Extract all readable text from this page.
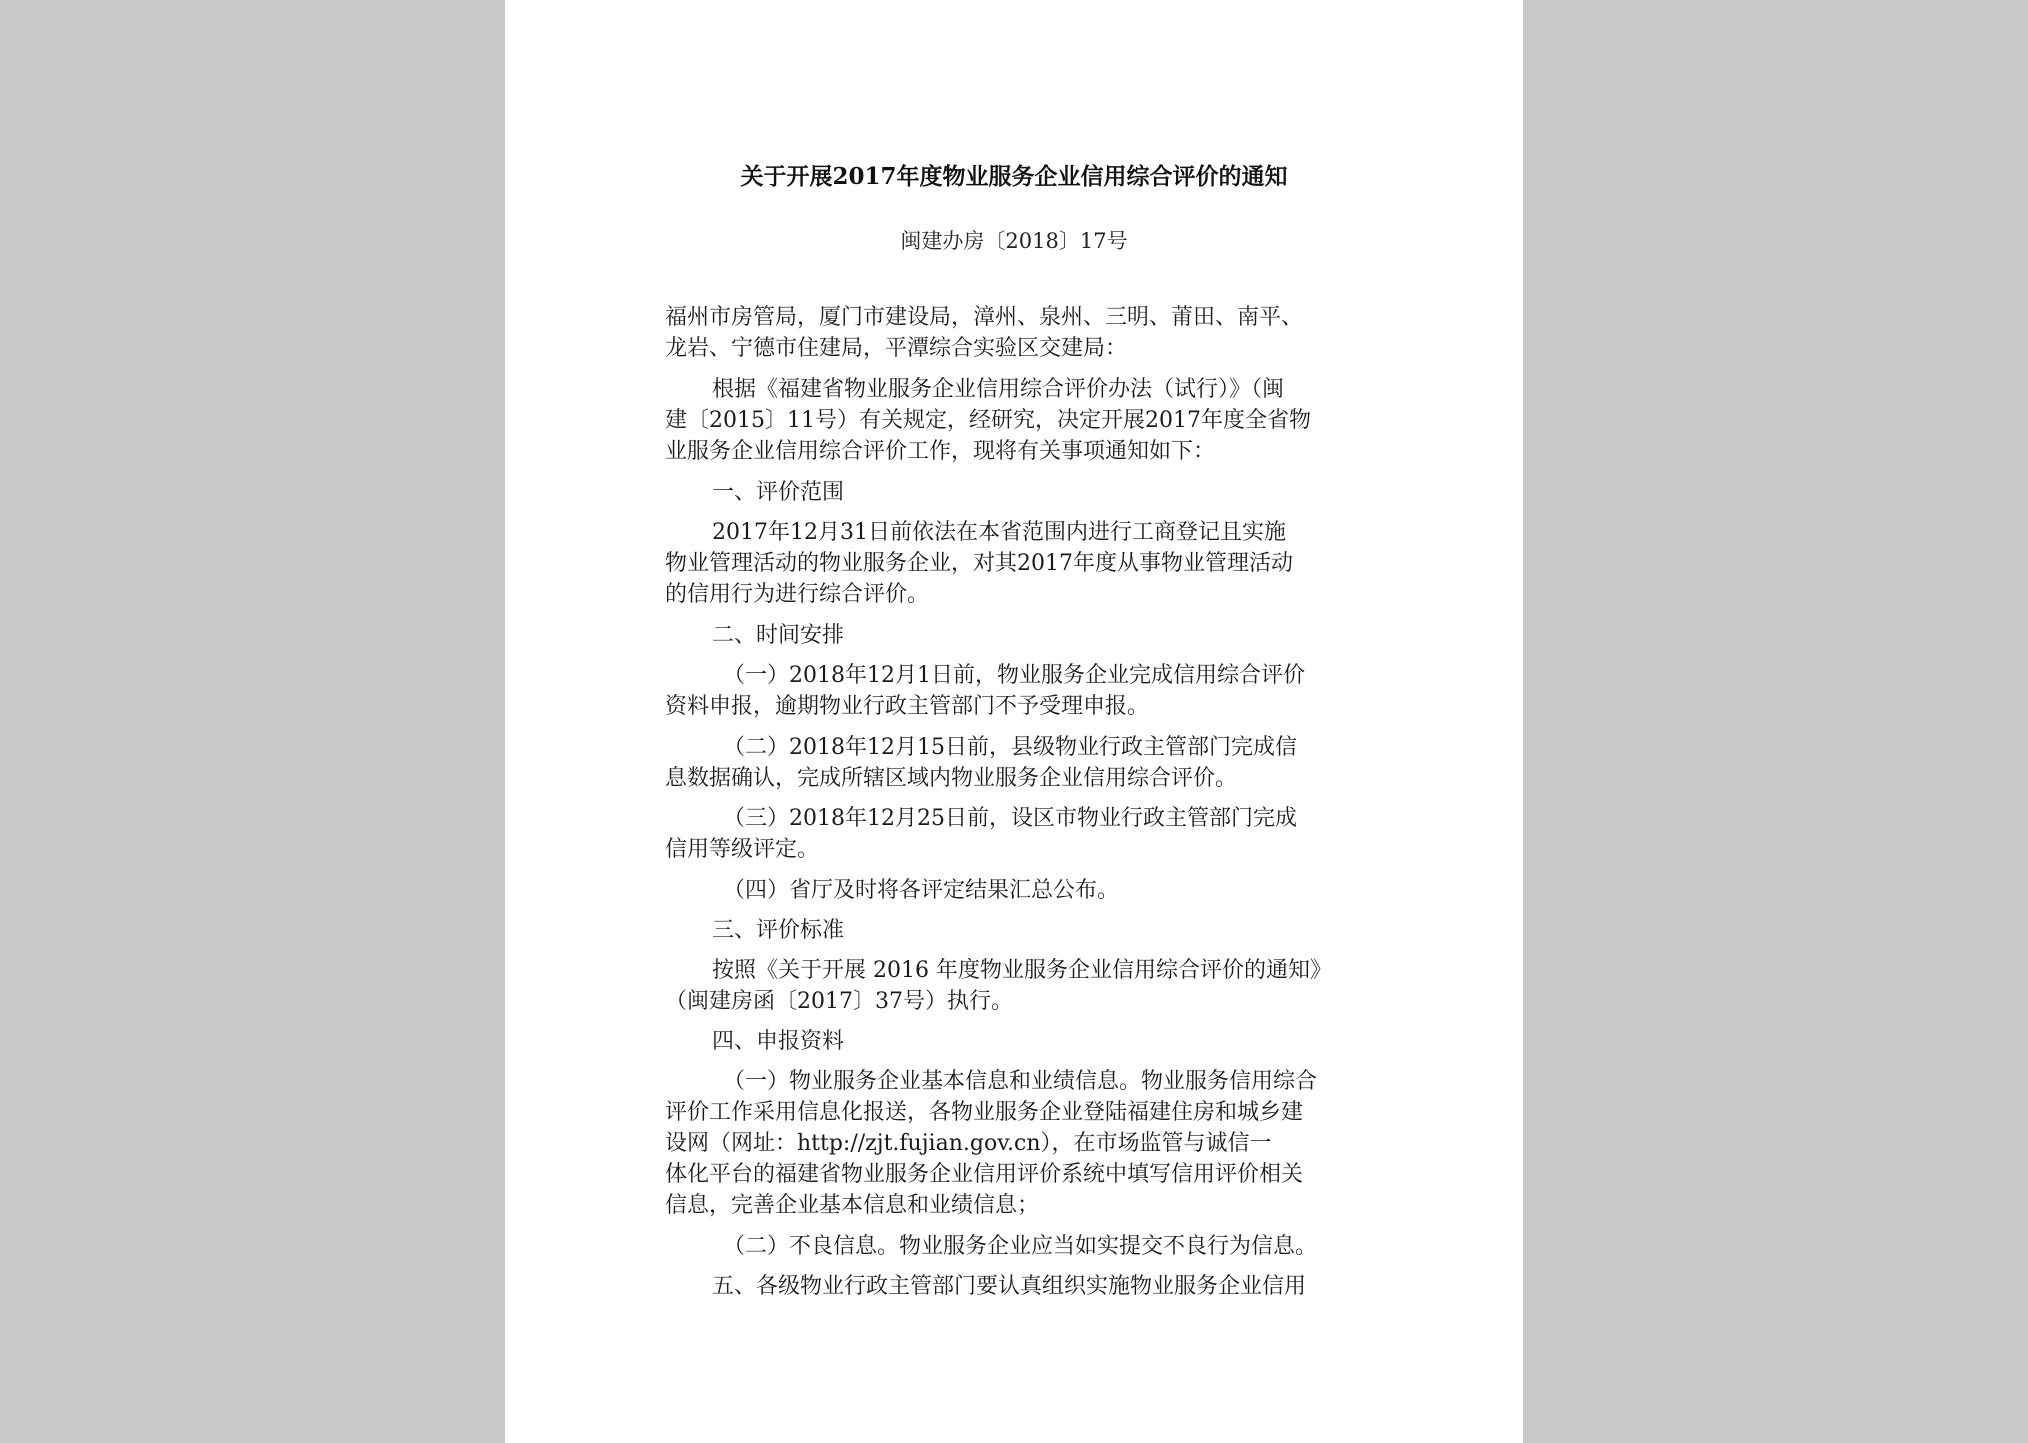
关于开展2017年度物业服务企业信用综合评价的通知
闽建办房〔2018〕17号
福州市房管局，厦门市建设局，漳州、泉州、三明、莆田、南平、
龙岩、宁德市住建局，平潭综合实验区交建局：
根据《福建省物业服务企业信用综合评价办法（试行）》（闽
建〔2015〕11号）有关规定，经研究，决定开展2017年度全省物
业服务企业信用综合评价工作，现将有关事项通知如下：
一、评价范围
2017年12月31日前依法在本省范围内进行工商登记且实施
物业管理活动的物业服务企业，对其2017年度从事物业管理活动
的信用行为进行综合评价。
二、时间安排
（一）2018年12月1日前，物业服务企业完成信用综合评价
资料申报，逾期物业行政主管部门不予受理申报。
（二）2018年12月15日前，县级物业行政主管部门完成信
息数据确认，完成所辖区域内物业服务企业信用综合评价。
（三）2018年12月25日前，设区市物业行政主管部门完成
信用等级评定。
（四）省厅及时将各评定结果汇总公布。
三、评价标准
按照《关于开展 2016 年度物业服务企业信用综合评价的通知》
（闽建房函〔2017〕37号）执行。
四、申报资料
（一）物业服务企业基本信息和业绩信息。物业服务信用综合
评价工作采用信息化报送，各物业服务企业登陆福建住房和城乡建
设网（网址：http://zjt.fujian.gov.cn），在市场监管与诚信一
体化平台的福建省物业服务企业信用评价系统中填写信用评价相关
信息，完善企业基本信息和业绩信息；
（二）不良信息。物业服务企业应当如实提交不良行为信息。
五、各级物业行政主管部门要认真组织实施物业服务企业信用
